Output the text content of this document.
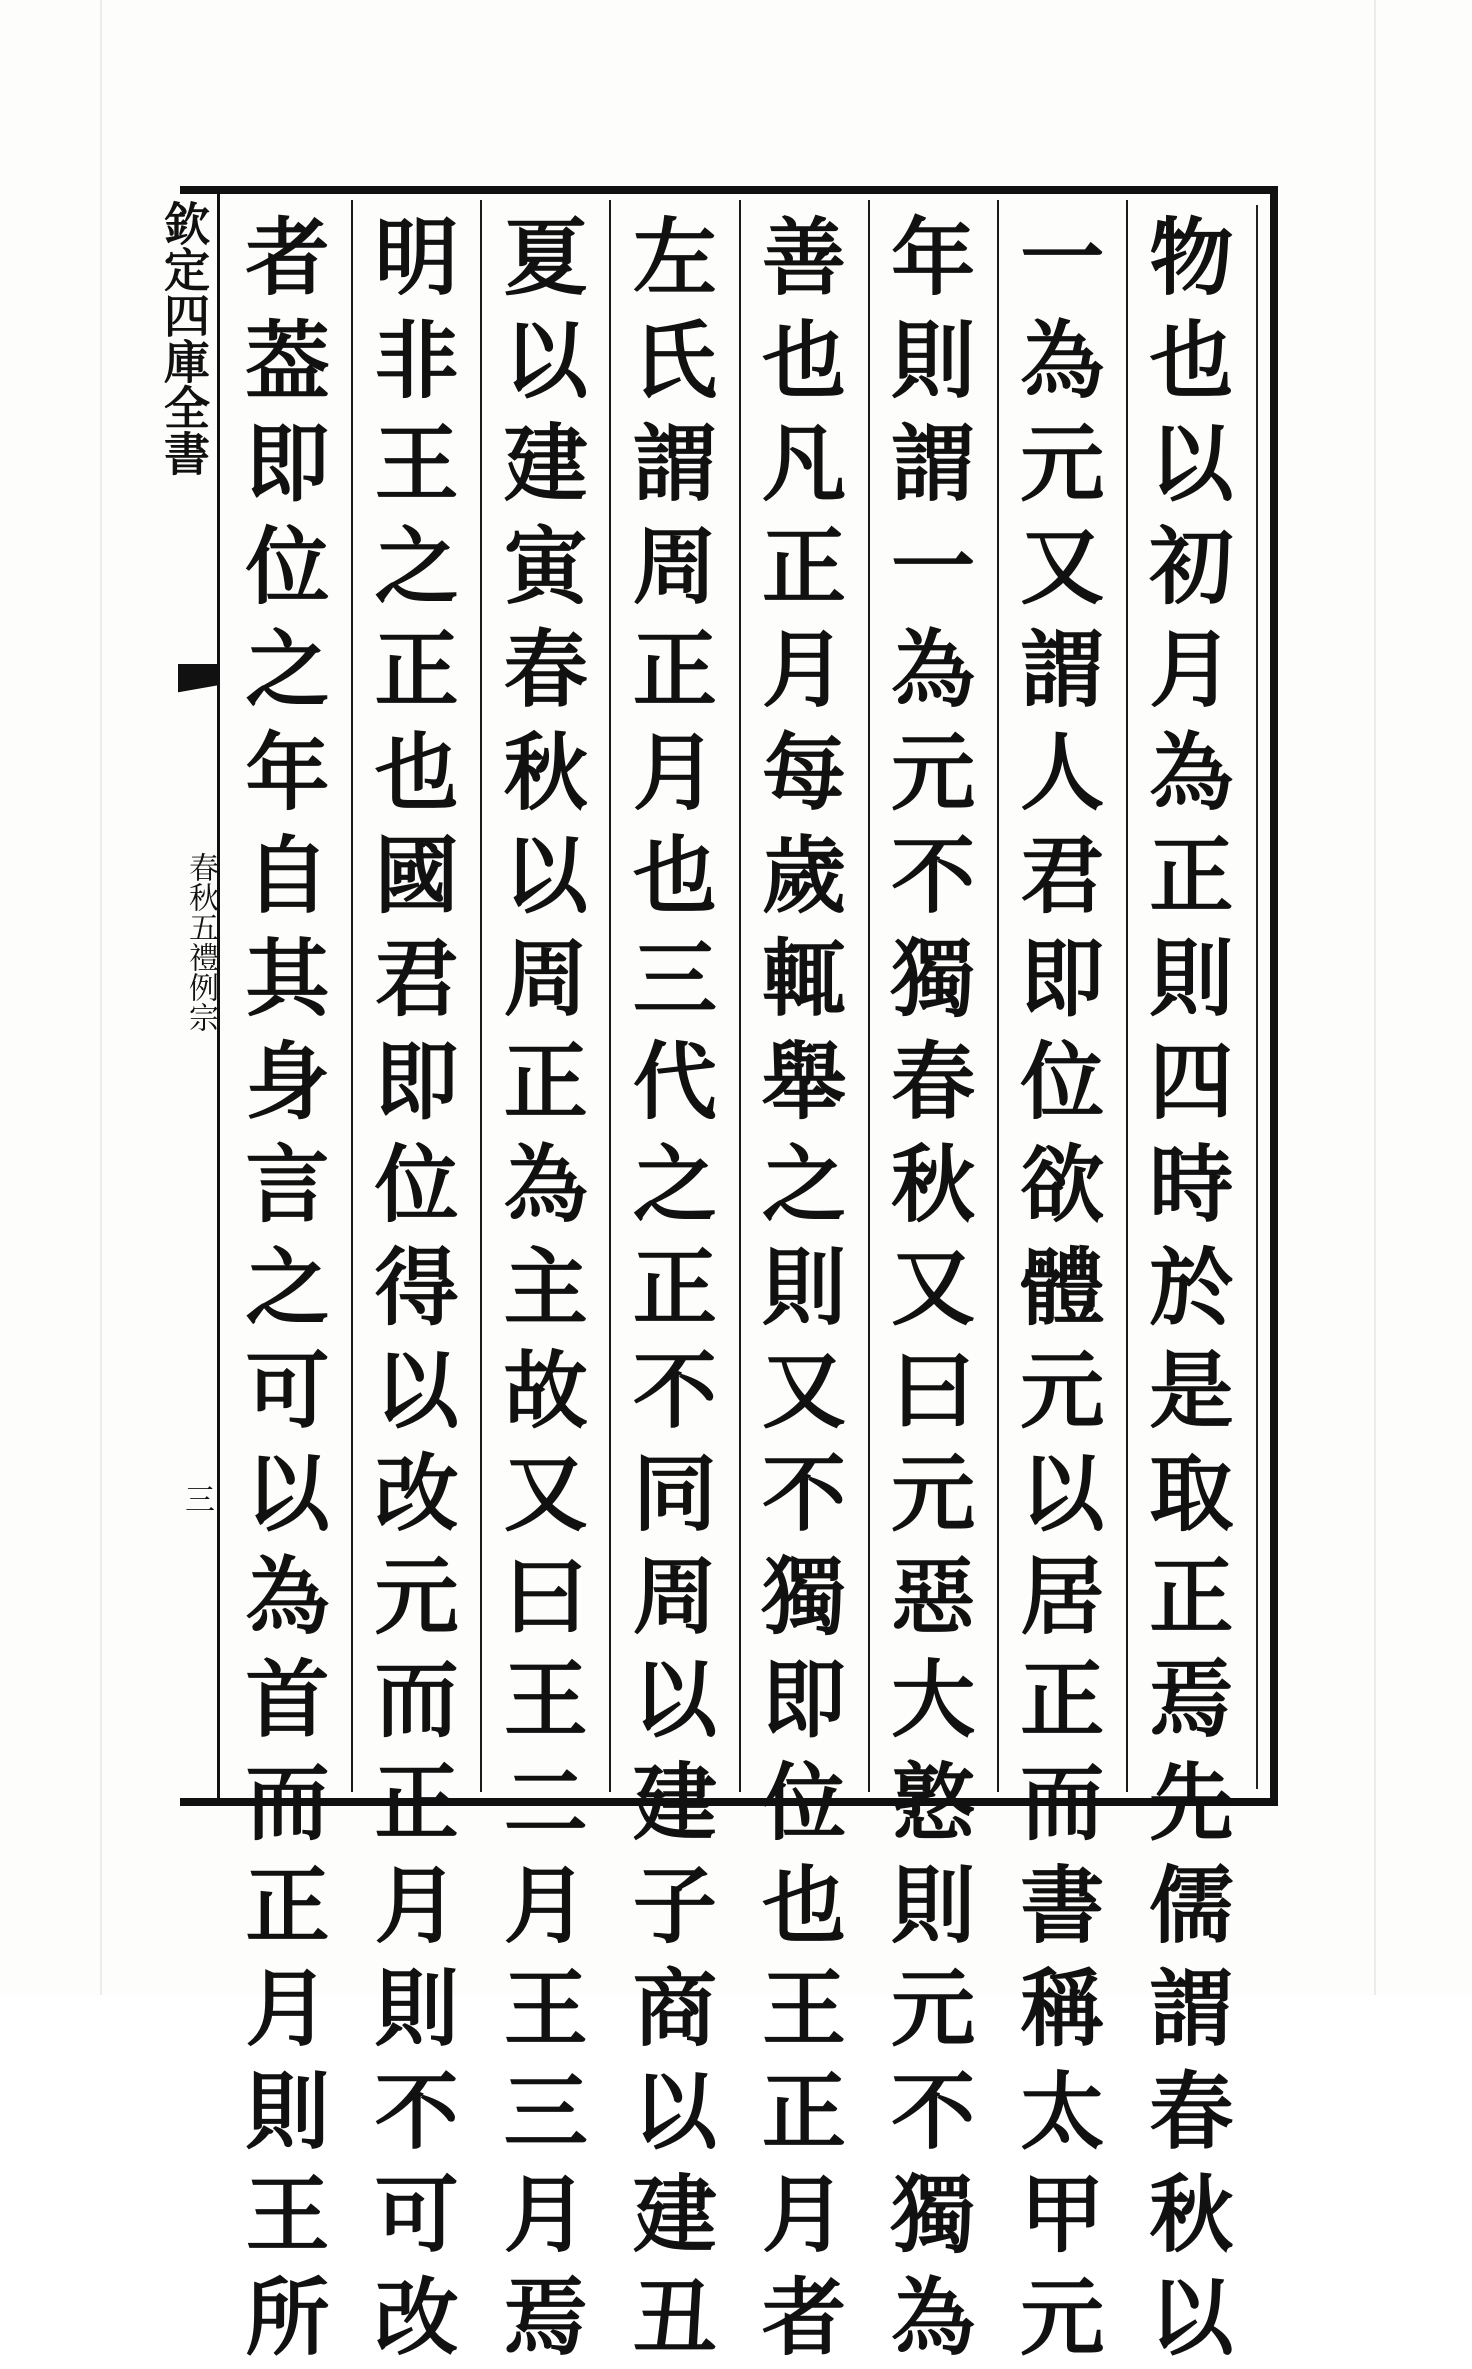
欽定四庫全書
春秋五禮例宗
三
物
也
以
初
月
為
正
則
四
時
於
是
取
正
焉
先
儒
謂
春
秋
以
一
為
元
又
謂
人
君
即
位
欲
體
元
以
居
正
而
書
稱
太
甲
元
年
則
謂
一
為
元
不
獨
春
秋
又
曰
元
惡
大
憝
則
元
不
獨
為
善
也
凡
正
月
每
歲
輒
舉
之
則
又
不
獨
即
位
也
王
正
月
者
左
氏
謂
周
正
月
也
三
代
之
正
不
同
周
以
建
子
商
以
建
丑
夏
以
建
寅
春
秋
以
周
正
為
主
故
又
曰
王
二
月
王
三
月
焉
明
非
王
之
正
也
國
君
即
位
得
以
改
元
而
正
月
則
不
可
改
者
葢
即
位
之
年
自
其
身
言
之
可
以
為
首
而
正
月
則
王
所
